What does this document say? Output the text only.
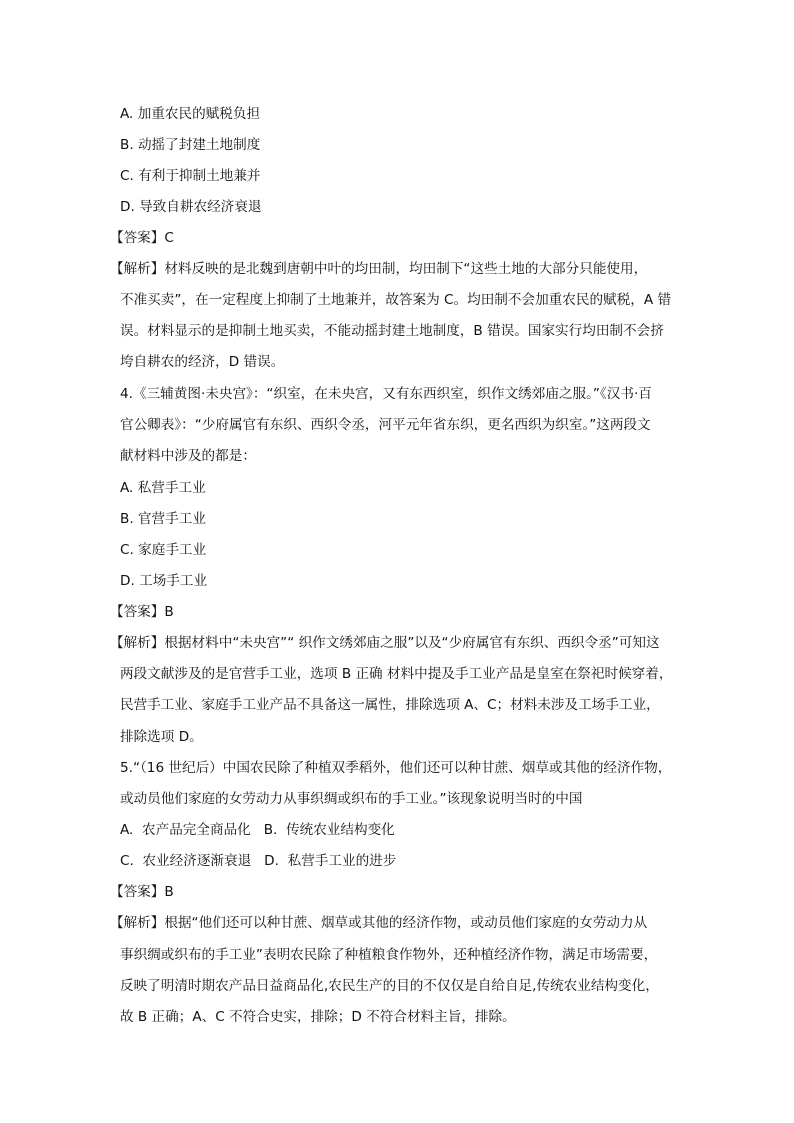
A. 加重农民的赋税负担
B. 动摇了封建土地制度
C. 有利于抑制土地兼并
D. 导致自耕农经济衰退
【答案】C
【解析】材料反映的是北魏到唐朝中叶的均田制，均田制下“这些土地的大部分只能使用，
不准买卖”，在一定程度上抑制了土地兼并，故答案为 C。均田制不会加重农民的赋税，A 错
误。材料显示的是抑制土地买卖，不能动摇封建土地制度，B 错误。国家实行均田制不会挤
垮自耕农的经济，D 错误。
4.《三辅黄图·未央宫》：“织室，在未央宫，又有东西织室，织作文绣郊庙之服。”《汉书·百
官公卿表》：“少府属官有东织、西织令丞，河平元年省东织，更名西织为织室。”这两段文
献材料中涉及的都是：
A. 私营手工业
B. 官营手工业
C. 家庭手工业
D. 工场手工业
【答案】B
【解析】根据材料中“未央宫”“ 织作文绣郊庙之服”以及“少府属官有东织、西织令丞”可知这
两段文献涉及的是官营手工业，选项 B 正确 材料中提及手工业产品是皇室在祭祀时候穿着，
民营手工业、家庭手工业产品不具备这一属性，排除选项 A、C；材料未涉及工场手工业，
排除选项 D。
5.“（16 世纪后）中国农民除了种植双季稻外，他们还可以种甘蔗、烟草或其他的经济作物，
或动员他们家庭的女劳动力从事织绸或织布的手工业。”该现象说明当时的中国
A.  农产品完全商品化   B.  传统农业结构变化
C.  农业经济逐渐衰退   D.  私营手工业的进步
【答案】B
【解析】根据“他们还可以种甘蔗、烟草或其他的经济作物，或动员他们家庭的女劳动力从
事织绸或织布的手工业”表明农民除了种植粮食作物外，还种植经济作物，满足市场需要，
反映了明清时期农产品日益商品化,农民生产的目的不仅仅是自给自足,传统农业结构变化，
故 B 正确；A、C 不符合史实，排除；D 不符合材料主旨，排除。
